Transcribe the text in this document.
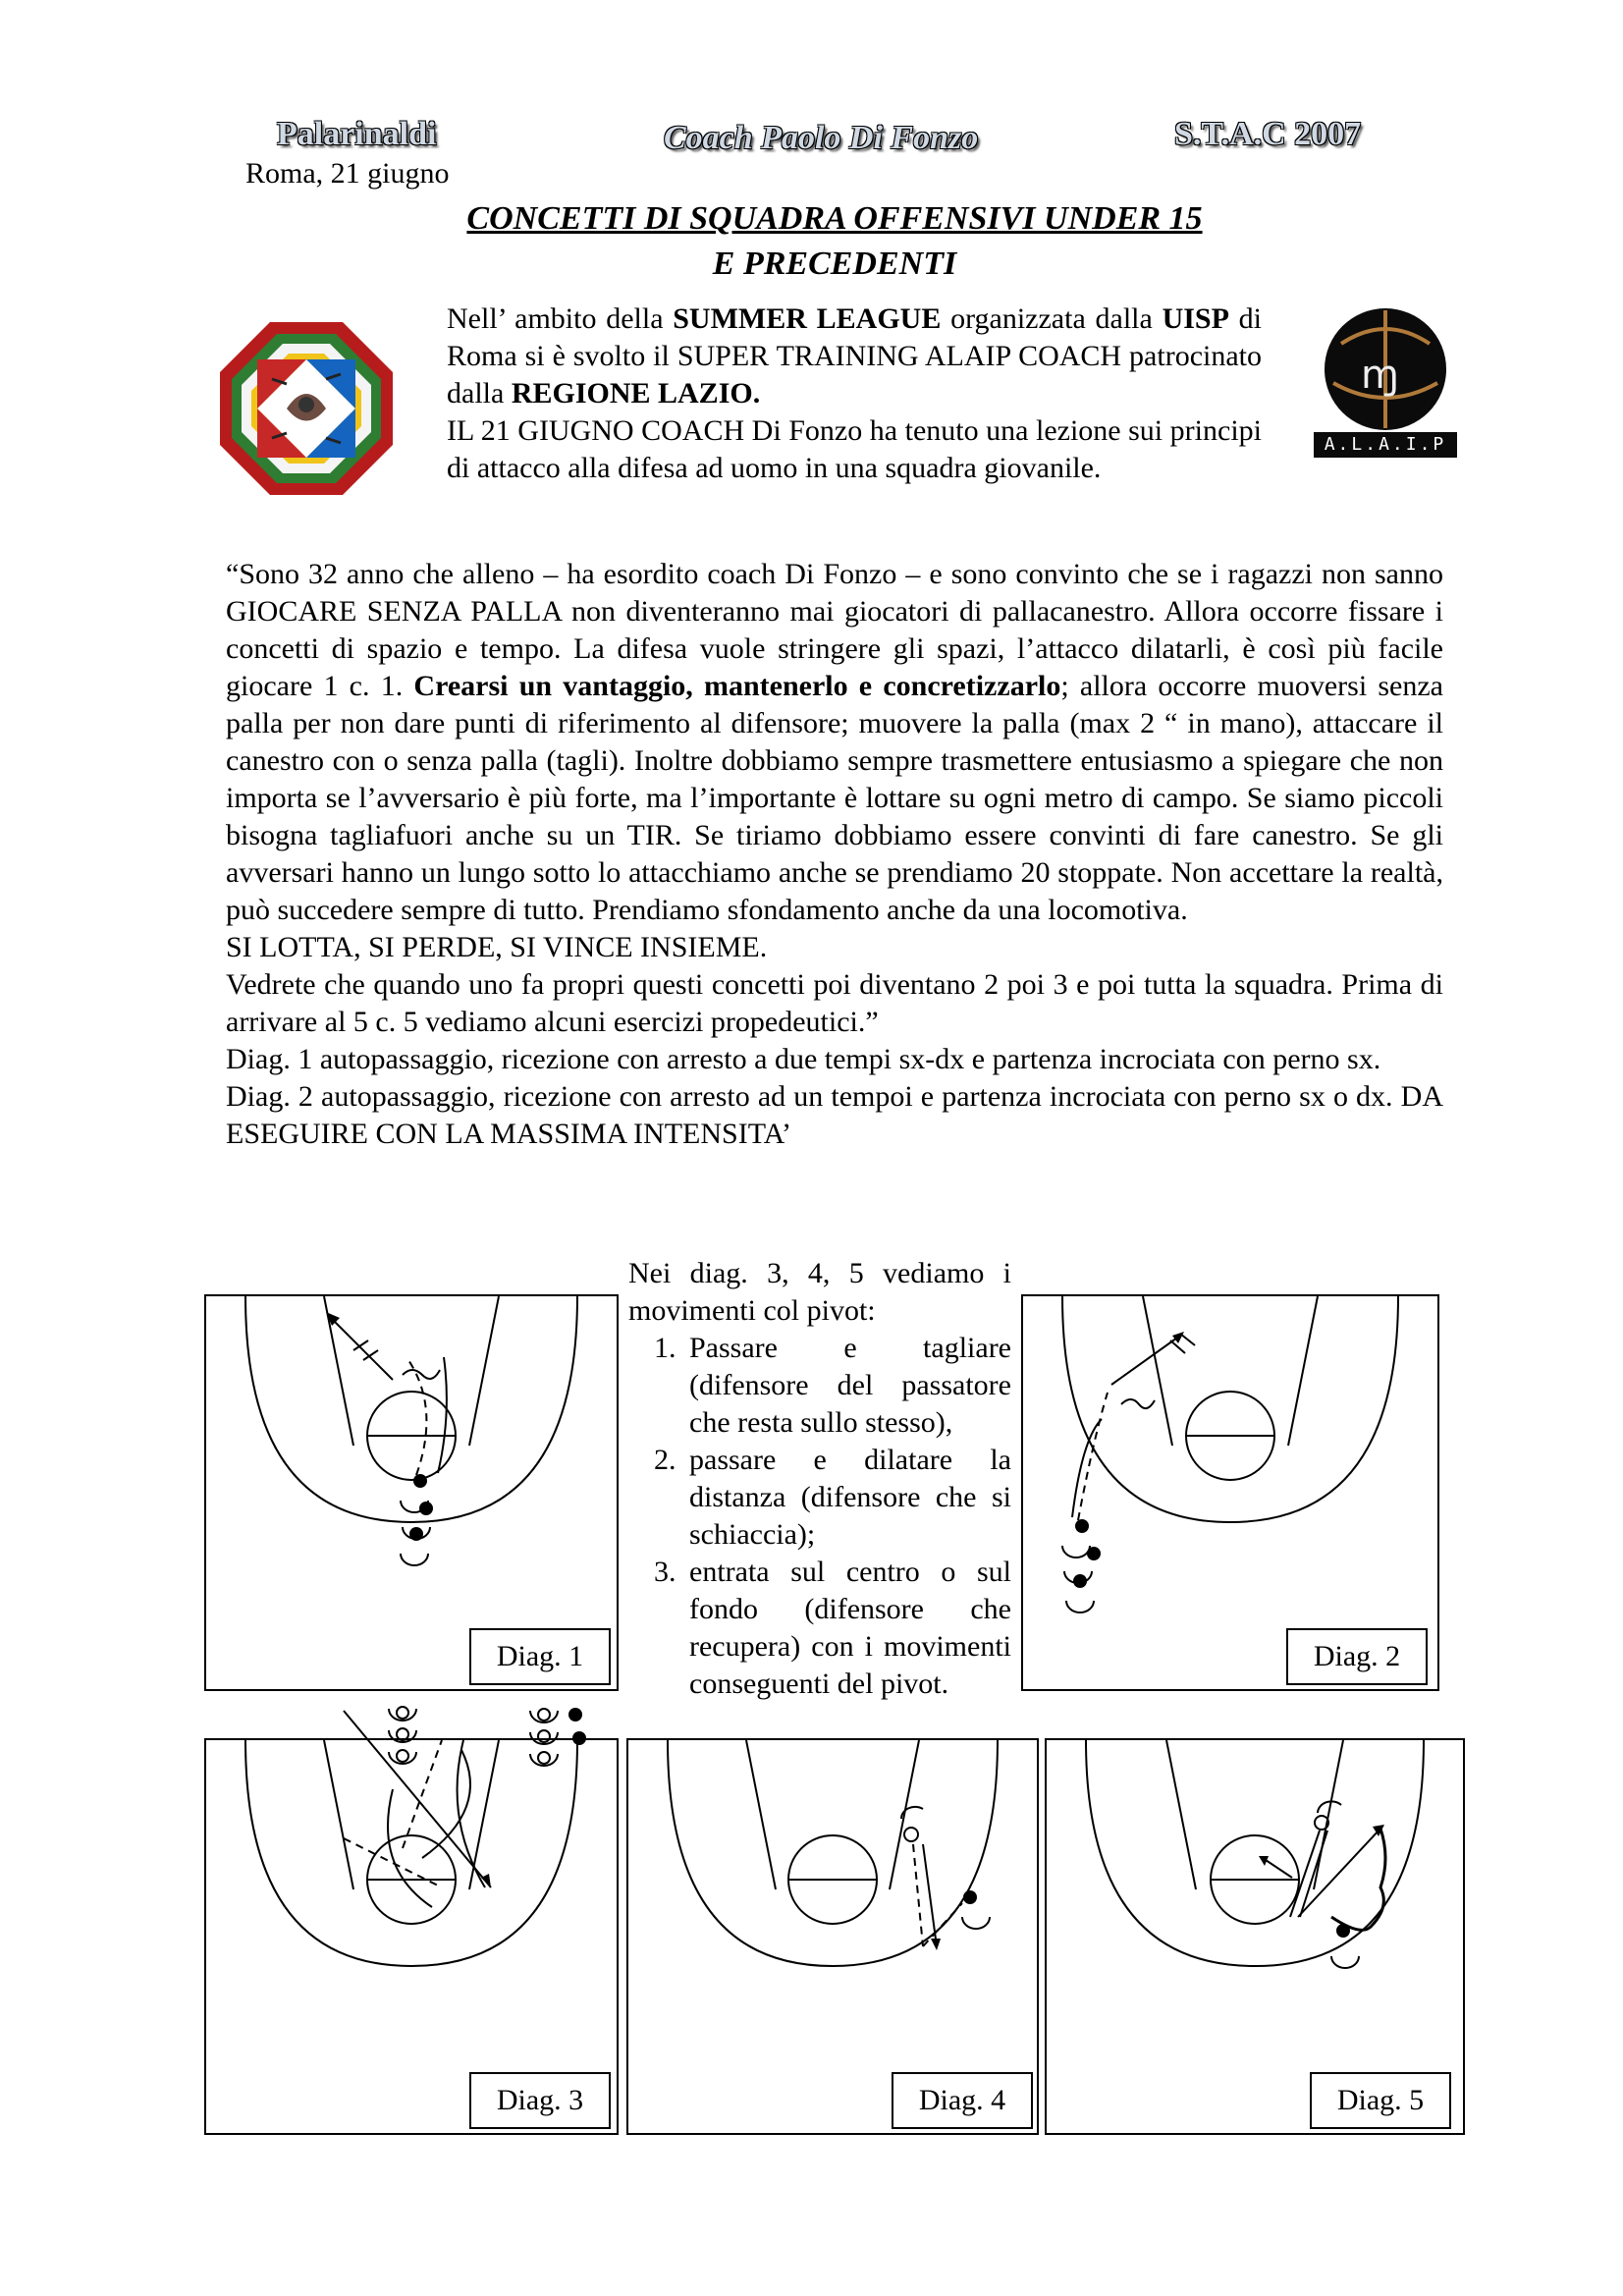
Palarinaldi	Coach Paolo Di Fonzo	S.T.A.C 2007
Roma, 21 giugno
CONCETTI DI SQUADRA OFFENSIVI UNDER 15
E PRECEDENTI
ɱ
A.L.A.I.P
Nell’ ambito della SUMMER LEAGUE organizzata dalla UISP di Roma si è svolto il SUPER TRAINING ALAIP COACH patrocinato dalla REGIONE LAZIO.
IL 21 GIUGNO COACH Di Fonzo ha tenuto una lezione sui principi di attacco alla difesa ad uomo in una squadra giovanile.

“Sono 32 anno che alleno – ha esordito coach Di Fonzo – e sono convinto che se i ragazzi non sanno GIOCARE SENZA PALLA non diventeranno mai giocatori di pallacanestro. Allora occorre fissare i concetti di spazio e tempo. La difesa vuole stringere gli spazi, l’attacco dilatarli, è così più facile giocare 1 c. 1. Crearsi un vantaggio, mantenerlo e concretizzarlo; allora occorre muoversi senza palla per non dare punti di riferimento al difensore; muovere la palla (max 2 “ in mano), attaccare il canestro con o senza palla (tagli). Inoltre dobbiamo sempre trasmettere entusiasmo a spiegare che non importa se l’avversario è più forte, ma l’importante è lottare su ogni metro di campo. Se siamo piccoli bisogna tagliafuori anche su un TIR. Se tiriamo dobbiamo essere convinti di fare canestro. Se gli avversari hanno un lungo sotto lo attacchiamo anche se prendiamo 20 stoppate. Non accettare la realtà, può succedere sempre di tutto. Prendiamo sfondamento anche da una locomotiva.

SI LOTTA, SI PERDE, SI VINCE INSIEME.

Vedrete che quando uno fa propri questi concetti poi diventano 2 poi 3 e poi tutta la squadra. Prima di arrivare al 5 c. 5 vediamo alcuni esercizi propedeutici.”

Diag. 1 autopassaggio, ricezione con arresto a due tempi sx-dx e partenza incrociata con perno sx.

Diag. 2 autopassaggio, ricezione con arresto ad un tempoi e partenza incrociata con perno sx o dx. DA ESEGUIRE CON LA MASSIMA INTENSITA’

Nei diag. 3, 4, 5 vediamo i movimenti col pivot:
1. Passare e tagliare (difensore del passatore che resta sullo stesso),
2. passare e dilatare la distanza (difensore che si schiaccia);
3. entrata sul centro o sul fondo (difensore che recupera) con i movimenti conseguenti del pivot.
Diag. 1	Diag. 2
Diag. 3	Diag. 4	Diag. 5
